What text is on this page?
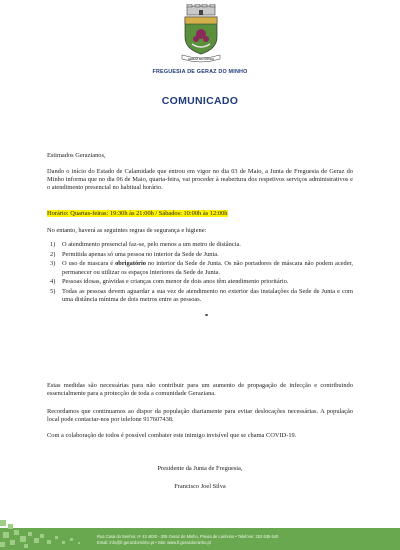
GERAZ DO MINHO
FREGUESIA DE GERAZ DO MINHO
COMUNICADO
Estimados Gerazianos,
Dando o início do Estado de Calamidade que entrou em vigor no dia 03 de Maio, a Junta de Freguesia de Geraz do Minho informa que no dia 06 de Maio, quarta-feira, vai proceder à reabertura dos respetivos serviços administrativos e o atendimento presencial no habitual horário.
Horário: Quartas-feiras: 19:30h às 21:00h / Sábados: 10:00h às 12:00h
No entanto, haverá as seguintes regras de segurança e higiene:
1) O atendimento presencial faz-se, pelo menos a um metro de distância.
2) Permitida apenas só uma pessoa no interior da Sede de Junta.
3) O uso de mascara é obrigatório no interior da Sede de Junta. Os não portadores de máscara não podem aceder, permanecer ou utilizar os espaços interiores da Sede de Junta.
4) Pessoas idosas, grávidas e crianças com menor de dois anos têm atendimento prioritário.
5) Todas as pessoas devem aguardar a sua vez de atendimento no exterior das instalações da Sede de Junta e com uma distância mínima de dois metros entre as pessoas.
Estas medidas são necessárias para não contribuir para um aumento de propagação de infecção e contribuindo essencialmente para a protecção de toda a comunidade Geraziana.
Recordamos que continuamos ao dispor da população diariamente para evitar deslocações necessárias. A população local pode contactar-nos por telefone 917607438.
Com a colaboração de todos é possível combater este inimigo invisível que se chama COVID-19.
Presidente da Junta de Freguesia,
Francisco Joel Silva
Rua Casa do Senhor, nº 43 4830 - 306 Geraz do Minho, Póvoa de Lanhoso • Telefone: 253 635 640
Email: info@fr.gerazdominho.pt • Site: www.fr.gerazdominho.pt
